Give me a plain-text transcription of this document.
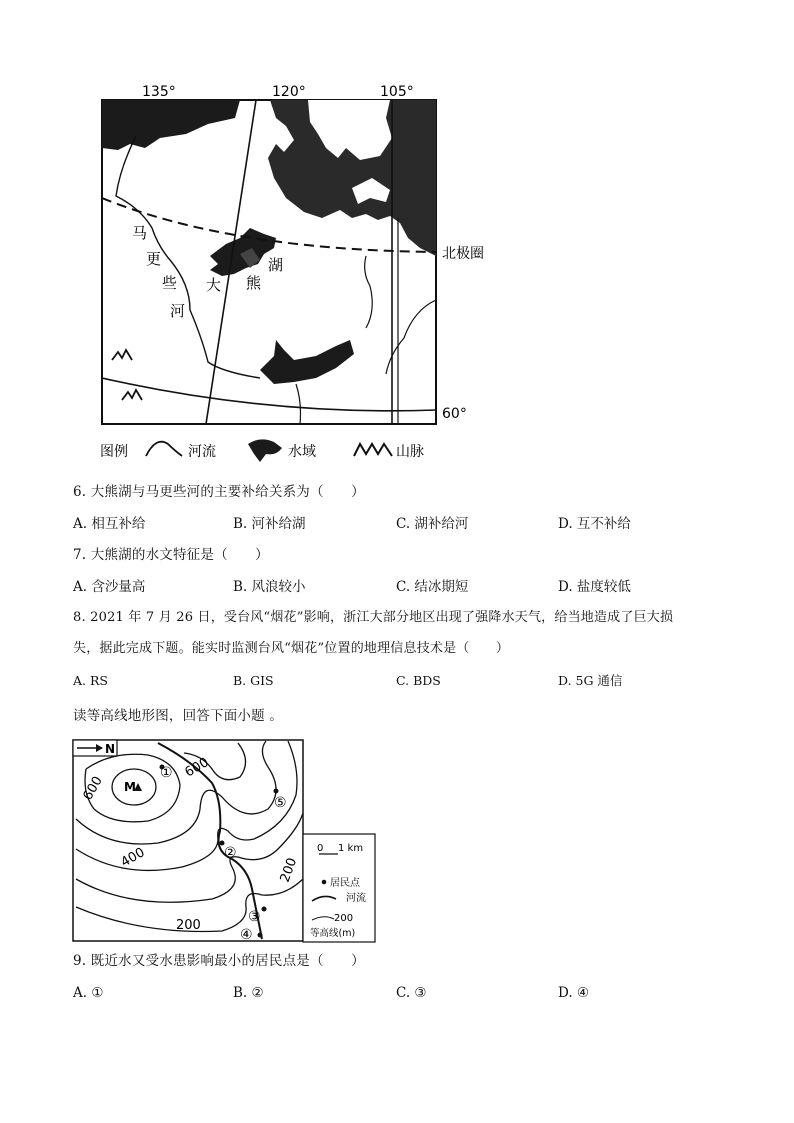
135°	120°	105°
马
更
些
河
大 熊
湖
北极圈
60°
图例	河流	水域	山脉
6. 大熊湖与马更些河的主要补给关系为（　　）
A. 相互补给	B. 河补给湖	C. 湖补给河	D. 互不补给
7. 大熊湖的水文特征是（　　）
A. 含沙量高	B. 风浪较小	C. 结冰期短	D. 盐度较低
8. 2021 年 7 月 26 日，受台风“烟花”影响，浙江大部分地区出现了强降水天气，给当地造成了巨大损
失，据此完成下题。能实时监测台风“烟花”位置的地理信息技术是（　　）
A. RS	B. GIS	C. BDS	D. 5G 通信
读等高线地形图，回答下面小题 。
N
600
600
400
200
200
M
①
⑤
②
③
④
0 1 km
居民点
河流
200
等高线(m)
9. 既近水又受水患影响最小的居民点是（　　）
A. ①	B. ②	C. ③	D. ④
